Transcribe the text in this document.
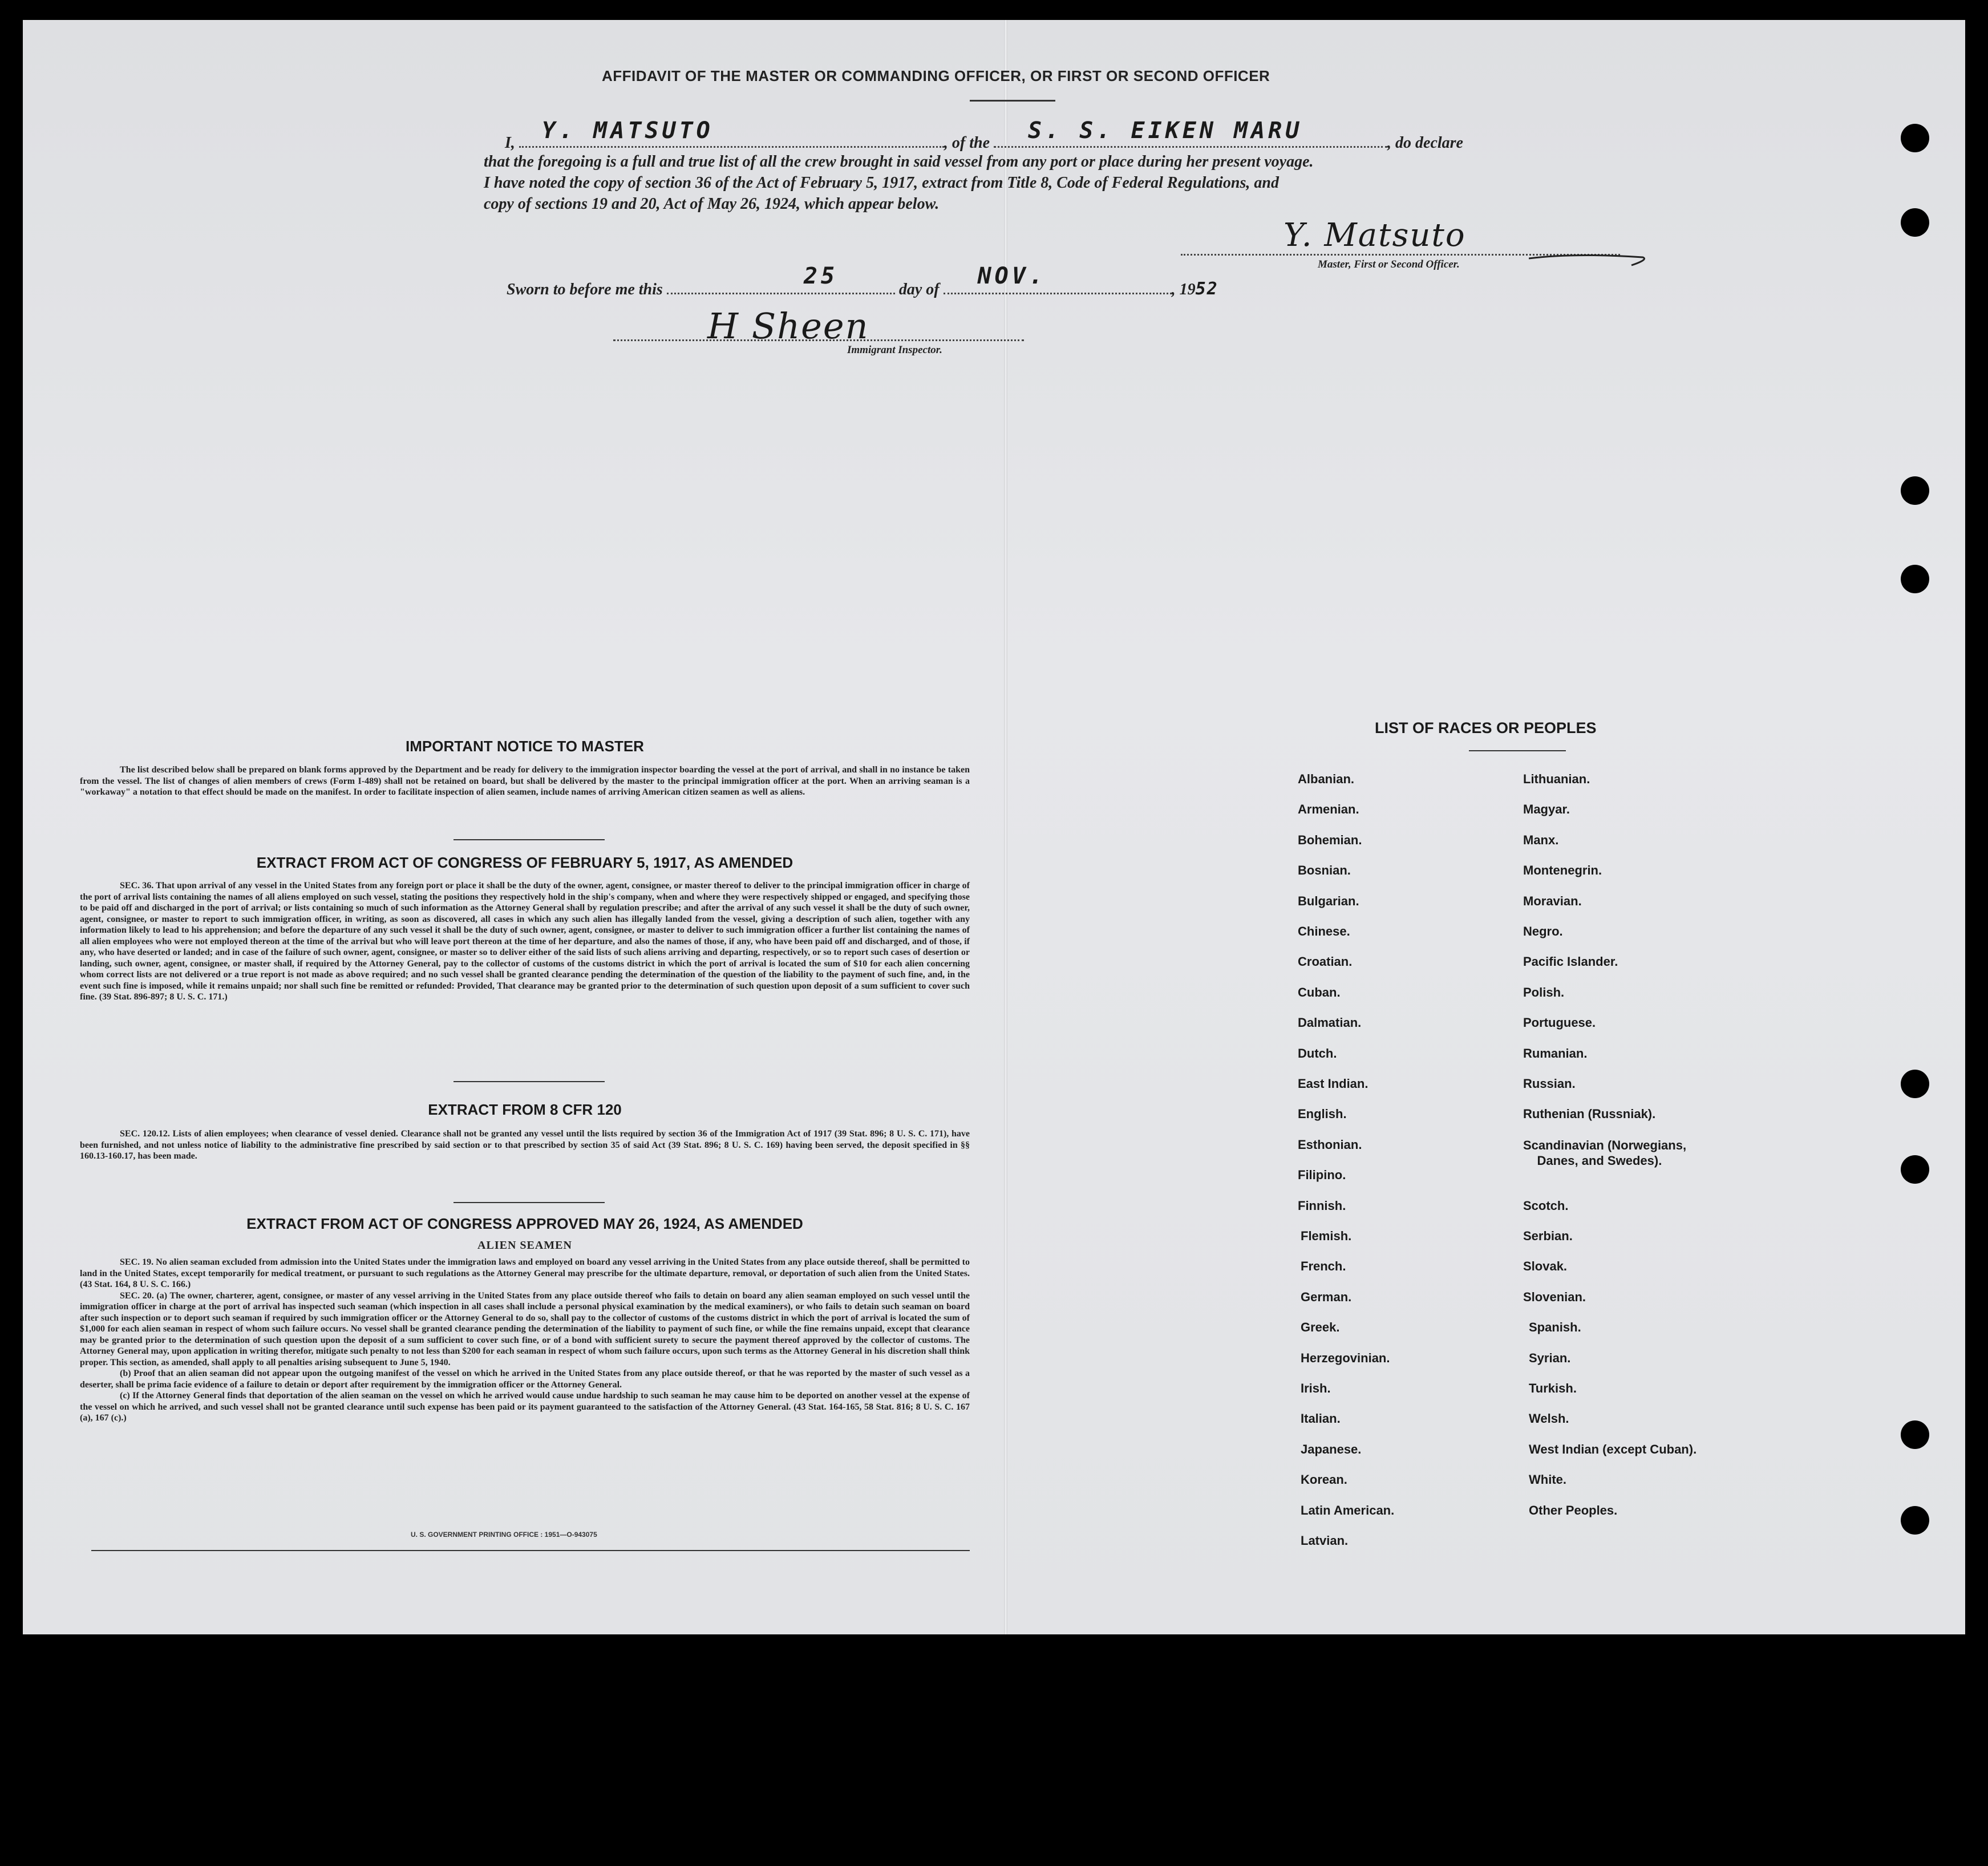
AFFIDAVIT OF THE MASTER OR COMMANDING OFFICER, OR FIRST OR SECOND OFFICER
I, Y. MATSUTO	, of the S. S. EIKEN MARU	, do declare
that the foregoing is a full and true list of all the crew brought in said vessel from any port or place during her present voyage.
I have noted the copy of section 36 of the Act of February 5, 1917, extract from Title 8, Code of Federal Regulations, and
copy of sections 19 and 20, Act of May 26, 1924, which appear below.
Y. Matsuto
Master, First or Second Officer.
Sworn to before me this
25
day of
NOV.
, 1952
H Sheen
Immigrant Inspector.
IMPORTANT NOTICE TO MASTER
The list described below shall be prepared on blank forms approved by the Department and be ready for delivery to the immigration inspector boarding the vessel at the port of arrival, and shall in no instance be taken from the vessel. The list of changes of alien members of crews (Form I-489) shall not be retained on board, but shall be delivered by the master to the principal immigration officer at the port. When an arriving seaman is a "workaway" a notation to that effect should be made on the manifest. In order to facilitate inspection of alien seamen, include names of arriving American citizen seamen as well as aliens.
EXTRACT FROM ACT OF CONGRESS OF FEBRUARY 5, 1917, AS AMENDED
SEC. 36. That upon arrival of any vessel in the United States from any foreign port or place it shall be the duty of the owner, agent, consignee, or master thereof to deliver to the principal immigration officer in charge of the port of arrival lists containing the names of all aliens employed on such vessel, stating the positions they respectively hold in the ship's company, when and where they were respectively shipped or engaged, and specifying those to be paid off and discharged in the port of arrival; or lists containing so much of such information as the Attorney General shall by regulation prescribe; and after the arrival of any such vessel it shall be the duty of such owner, agent, consignee, or master to report to such immigration officer, in writing, as soon as discovered, all cases in which any such alien has illegally landed from the vessel, giving a description of such alien, together with any information likely to lead to his apprehension; and before the departure of any such vessel it shall be the duty of such owner, agent, consignee, or master to deliver to such immigration officer a further list containing the names of all alien employees who were not employed thereon at the time of the arrival but who will leave port thereon at the time of her departure, and also the names of those, if any, who have been paid off and discharged, and of those, if any, who have deserted or landed; and in case of the failure of such owner, agent, consignee, or master so to deliver either of the said lists of such aliens arriving and departing, respectively, or so to report such cases of desertion or landing, such owner, agent, consignee, or master shall, if required by the Attorney General, pay to the collector of customs of the customs district in which the port of arrival is located the sum of $10 for each alien concerning whom correct lists are not delivered or a true report is not made as above required; and no such vessel shall be granted clearance pending the determination of the question of the liability to the payment of such fine, and, in the event such fine is imposed, while it remains unpaid; nor shall such fine be remitted or refunded: Provided, That clearance may be granted prior to the determination of such question upon deposit of a sum sufficient to cover such fine. (39 Stat. 896-897; 8 U. S. C. 171.)
EXTRACT FROM 8 CFR 120
SEC. 120.12. Lists of alien employees; when clearance of vessel denied. Clearance shall not be granted any vessel until the lists required by section 36 of the Immigration Act of 1917 (39 Stat. 896; 8 U. S. C. 171), have been furnished, and not unless notice of liability to the administrative fine prescribed by said section or to that prescribed by section 35 of said Act (39 Stat. 896; 8 U. S. C. 169) having been served, the deposit specified in §§ 160.13-160.17, has been made.
EXTRACT FROM ACT OF CONGRESS APPROVED MAY 26, 1924, AS AMENDED
ALIEN SEAMEN
SEC. 19. No alien seaman excluded from admission into the United States under the immigration laws and employed on board any vessel arriving in the United States from any place outside thereof, shall be permitted to land in the United States, except temporarily for medical treatment, or pursuant to such regulations as the Attorney General may prescribe for the ultimate departure, removal, or deportation of such alien from the United States. (43 Stat. 164, 8 U. S. C. 166.)
SEC. 20. (a) The owner, charterer, agent, consignee, or master of any vessel arriving in the United States from any place outside thereof who fails to detain on board any alien seaman employed on such vessel until the immigration officer in charge at the port of arrival has inspected such seaman (which inspection in all cases shall include a personal physical examination by the medical examiners), or who fails to detain such seaman on board after such inspection or to deport such seaman if required by such immigration officer or the Attorney General to do so, shall pay to the collector of customs of the customs district in which the port of arrival is located the sum of $1,000 for each alien seaman in respect of whom such failure occurs. No vessel shall be granted clearance pending the determination of the liability to payment of such fine, or while the fine remains unpaid, except that clearance may be granted prior to the determination of such question upon the deposit of a sum sufficient to cover such fine, or of a bond with sufficient surety to secure the payment thereof approved by the collector of customs. The Attorney General may, upon application in writing therefor, mitigate such penalty to not less than $200 for each seaman in respect of whom such failure occurs, upon such terms as the Attorney General in his discretion shall think proper. This section, as amended, shall apply to all penalties arising subsequent to June 5, 1940.
(b) Proof that an alien seaman did not appear upon the outgoing manifest of the vessel on which he arrived in the United States from any place outside thereof, or that he was reported by the master of such vessel as a deserter, shall be prima facie evidence of a failure to detain or deport after requirement by the immigration officer or the Attorney General.
(c) If the Attorney General finds that deportation of the alien seaman on the vessel on which he arrived would cause undue hardship to such seaman he may cause him to be deported on another vessel at the expense of the vessel on which he arrived, and such vessel shall not be granted clearance until such expense has been paid or its payment guaranteed to the satisfaction of the Attorney General. (43 Stat. 164-165, 58 Stat. 816; 8 U. S. C. 167 (a), 167 (c).)
U. S. GOVERNMENT PRINTING OFFICE : 1951—O-943075
LIST OF RACES OR PEOPLES
Albanian.
Armenian.
Bohemian.
Bosnian.
Bulgarian.
Chinese.
Croatian.
Cuban.
Dalmatian.
Dutch.
East Indian.
English.
Esthonian.
Filipino.
Finnish.
Flemish.
French.
German.
Greek.
Herzegovinian.
Irish.
Italian.
Japanese.
Korean.
Latin American.
Latvian.
Lithuanian.
Magyar.
Manx.
Montenegrin.
Moravian.
Negro.
Pacific Islander.
Polish.
Portuguese.
Rumanian.
Russian.
Ruthenian (Russniak).
Scandinavian (Norwegians,
Danes, and Swedes).
Scotch.
Serbian.
Slovak.
Slovenian.
Spanish.
Syrian.
Turkish.
Welsh.
West Indian (except Cuban).
White.
Other Peoples.
